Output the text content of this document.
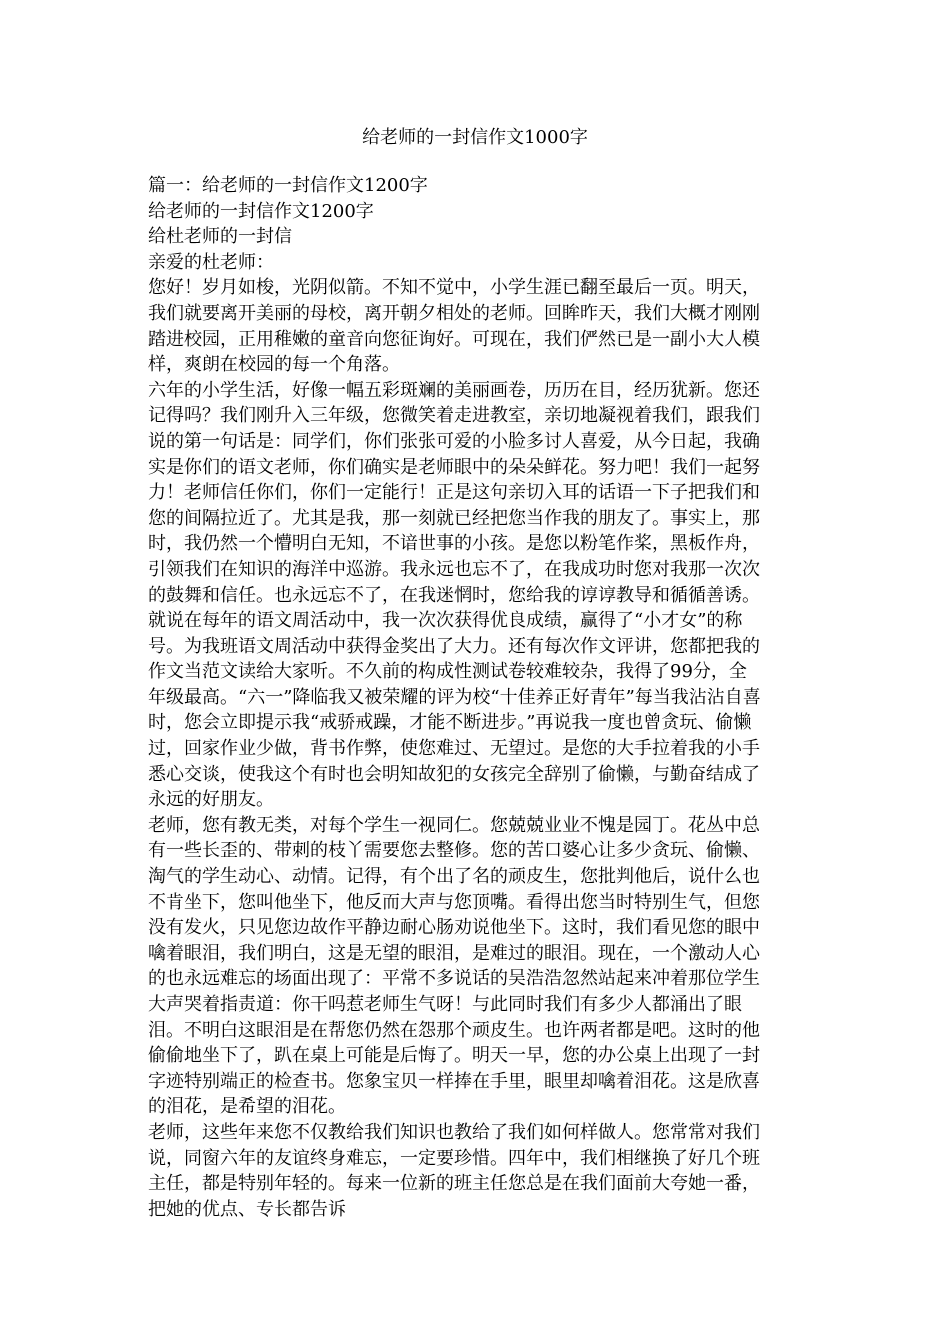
给老师的一封信作文1000字
篇一：给老师的一封信作文1200字
给老师的一封信作文1200字
给杜老师的一封信
亲爱的杜老师：
您好！岁月如梭，光阴似箭。不知不觉中，小学生涯已翻至最后一页。明天，
我们就要离开美丽的母校，离开朝夕相处的老师。回眸昨天，我们大概才刚刚
踏进校园，正用稚嫩的童音向您征询好。可现在，我们俨然已是一副小大人模
样，爽朗在校园的每一个角落。
六年的小学生活，好像一幅五彩斑斓的美丽画卷，历历在目，经历犹新。您还
记得吗？我们刚升入三年级，您微笑着走进教室，亲切地凝视着我们，跟我们
说的第一句话是：同学们，你们张张可爱的小脸多讨人喜爱，从今日起，我确
实是你们的语文老师，你们确实是老师眼中的朵朵鲜花。努力吧！我们一起努
力！老师信任你们，你们一定能行！正是这句亲切入耳的话语一下子把我们和
您的间隔拉近了。尤其是我，那一刻就已经把您当作我的朋友了。事实上，那
时，我仍然一个懵明白无知，不谙世事的小孩。是您以粉笔作桨，黑板作舟，
引领我们在知识的海洋中巡游。我永远也忘不了，在我成功时您对我那一次次
的鼓舞和信任。也永远忘不了，在我迷惘时，您给我的谆谆教导和循循善诱。
就说在每年的语文周活动中，我一次次获得优良成绩，赢得了“小才女”的称
号。为我班语文周活动中获得金奖出了大力。还有每次作文评讲，您都把我的
作文当范文读给大家听。不久前的构成性测试卷较难较杂，我得了99分，全
年级最高。“六一”降临我又被荣耀的评为校“十佳养正好青年”每当我沾沾自喜
时，您会立即提示我“戒骄戒躁，才能不断进步。”再说我一度也曾贪玩、偷懒
过，回家作业少做，背书作弊，使您难过、无望过。是您的大手拉着我的小手
悉心交谈，使我这个有时也会明知故犯的女孩完全辞别了偷懒，与勤奋结成了
永远的好朋友。
老师，您有教无类，对每个学生一视同仁。您兢兢业业不愧是园丁。花丛中总
有一些长歪的、带刺的枝丫需要您去整修。您的苦口婆心让多少贪玩、偷懒、
淘气的学生动心、动情。记得，有个出了名的顽皮生，您批判他后，说什么也
不肯坐下，您叫他坐下，他反而大声与您顶嘴。看得出您当时特别生气，但您
没有发火，只见您边故作平静边耐心肠劝说他坐下。这时，我们看见您的眼中
噙着眼泪，我们明白，这是无望的眼泪，是难过的眼泪。现在，一个激动人心
的也永远难忘的场面出现了：平常不多说话的吴浩浩忽然站起来冲着那位学生
大声哭着指责道：你干吗惹老师生气呀！与此同时我们有多少人都涌出了眼
泪。不明白这眼泪是在帮您仍然在怨那个顽皮生。也许两者都是吧。这时的他
偷偷地坐下了，趴在桌上可能是后悔了。明天一早，您的办公桌上出现了一封
字迹特别端正的检查书。您象宝贝一样捧在手里，眼里却噙着泪花。这是欣喜
的泪花，是希望的泪花。
老师，这些年来您不仅教给我们知识也教给了我们如何样做人。您常常对我们
说，同窗六年的友谊终身难忘，一定要珍惜。四年中，我们相继换了好几个班
主任，都是特别年轻的。每来一位新的班主任您总是在我们面前大夸她一番，
把她的优点、专长都告诉
